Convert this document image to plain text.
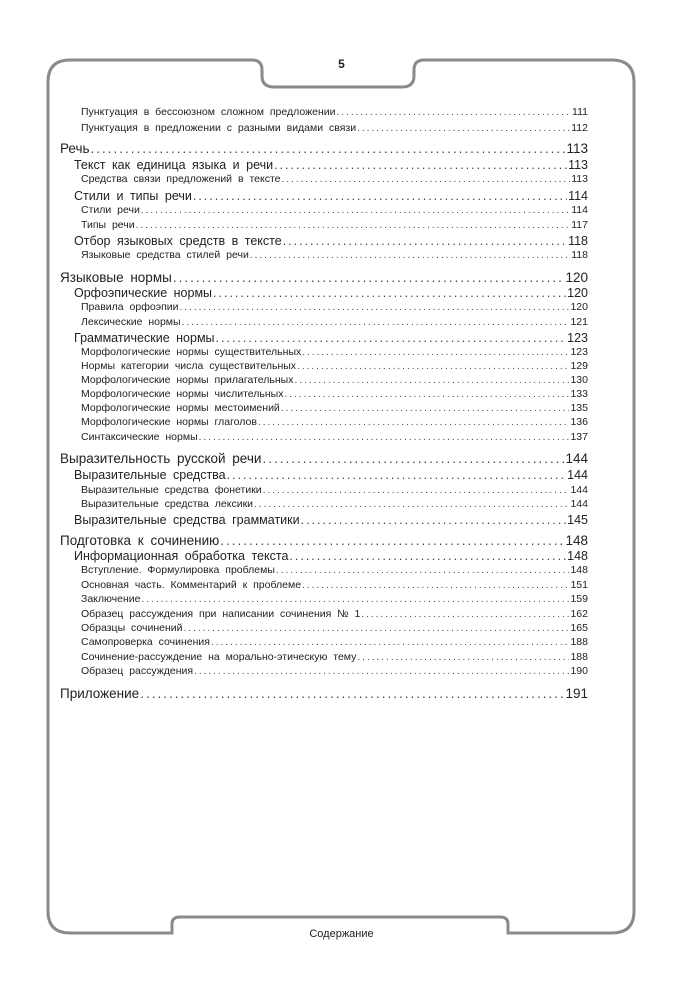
5
Пунктуация в бессоюзном сложном предложении .....	111
Пунктуация в предложении с разными видами связи .....	112
Речь .....	113
Текст как единица языка и речи .....	113
Средства связи предложений в тексте .....	113
Стили и типы речи .....	114
Стили речи .....	114
Типы речи .....	117
Отбор языковых средств в тексте .....	118
Языковые средства стилей речи .....	118
Языковые нормы .....	120
Орфоэпические нормы .....	120
Правила орфоэпии .....	120
Лексические нормы .....	121
Грамматические нормы .....	123
Морфологические нормы существительных .....	123
Нормы категории числа существительных .....	129
Морфологические нормы прилагательных .....	130
Морфологические нормы числительных .....	133
Морфологические нормы местоимений .....	135
Морфологические нормы глаголов .....	136
Синтаксические нормы .....	137
Выразительность русской речи .....	144
Выразительные средства .....	144
Выразительные средства фонетики .....	144
Выразительные средства лексики .....	144
Выразительные средства грамматики .....	145
Подготовка к сочинению .....	148
Информационная обработка текста .....	148
Вступление. Формулировка проблемы .....	148
Основная часть. Комментарий к проблеме .....	151
Заключение .....	159
Образец рассуждения при написании сочинения № 1 .....	162
Образцы сочинений .....	165
Самопроверка сочинения .....	188
Сочинение-рассуждение на морально-этическую тему .....	188
Образец рассуждения .....	190
Приложение .....	191
Содержание
